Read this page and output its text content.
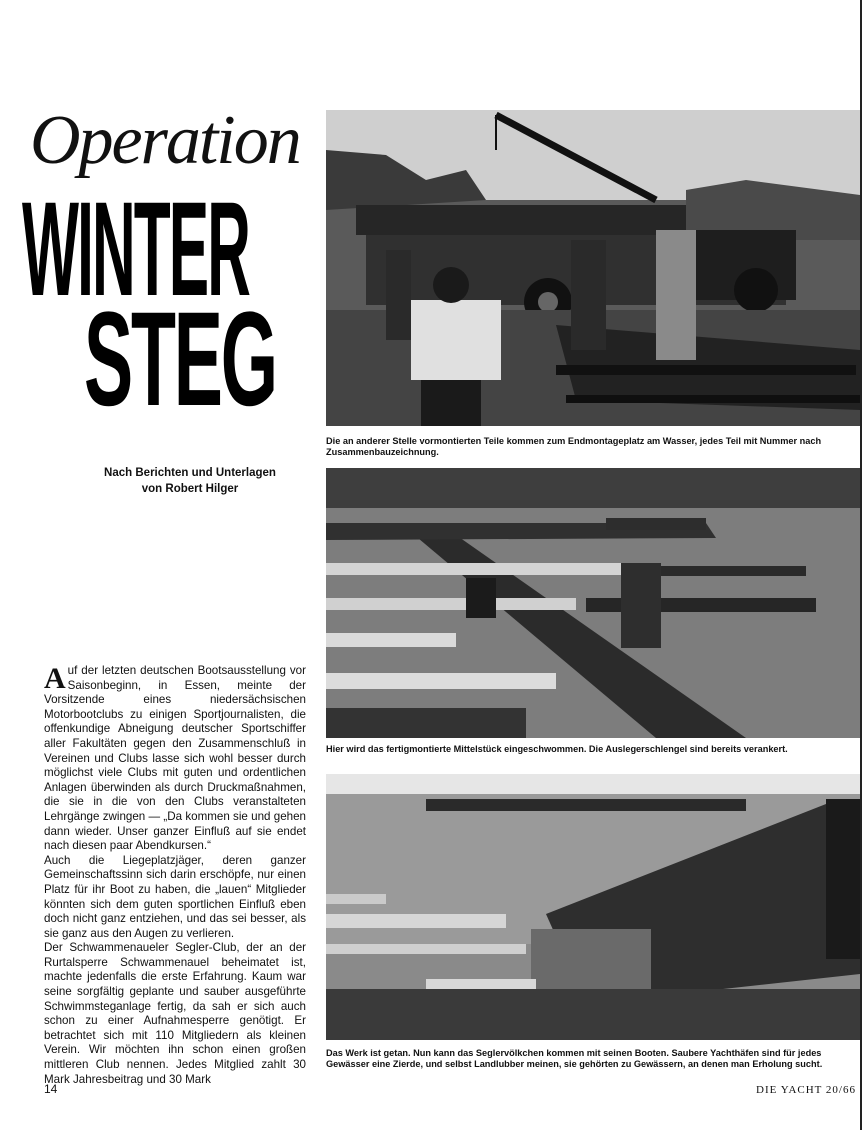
Operation
WINTER
STEG
Nach Berichten und Unterlagen
von Robert Hilger

Auf der letzten deutschen Bootsausstellung vor Saisonbeginn, in Essen, meinte der Vorsitzende eines niedersächsischen Motorbootclubs zu einigen Sportjournalisten, die offenkundige Abneigung deutscher Sportschiffer aller Fakultäten gegen den Zusammenschluß in Vereinen und Clubs lasse sich wohl besser durch möglichst viele Clubs mit guten und ordentlichen Anlagen überwinden als durch Druckmaßnahmen, die sie in die von den Clubs veranstalteten Lehrgänge zwingen — „Da kommen sie und gehen dann wieder. Unser ganzer Einfluß auf sie endet nach diesen paar Abendkursen.“

Auch die Liegeplatzjäger, deren ganzer Gemeinschaftssinn sich darin erschöpfe, nur einen Platz für ihr Boot zu haben, die „lauen“ Mitglieder könnten sich dem guten sportlichen Einfluß eben doch nicht ganz entziehen, und das sei besser, als sie ganz aus den Augen zu verlieren.

Der Schwammenaueler Segler-Club, der an der Rurtalsperre Schwammenauel beheimatet ist, machte jedenfalls die erste Erfahrung. Kaum war seine sorgfältig geplante und sauber ausgeführte Schwimmsteganlage fertig, da sah er sich auch schon zu einer Aufnahmesperre genötigt. Er betrachtet sich mit 110 Mitgliedern als kleinen Verein. Wir möchten ihn schon einen großen mittleren Club nennen. Jedes Mitglied zahlt 30 Mark Jahresbeitrag und 30 Mark

Die an anderer Stelle vormontierten Teile kommen zum Endmontageplatz am Wasser, jedes Teil mit Nummer nach Zusammenbauzeichnung.
Hier wird das fertigmontierte Mittelstück eingeschwommen. Die Auslegerschlengel sind bereits verankert.
Das Werk ist getan. Nun kann das Seglervölkchen kommen mit seinen Booten. Saubere Yachthäfen sind für jedes Gewässer eine Zierde, und selbst Landlubber meinen, sie gehörten zu Gewässern, an denen man Erholung sucht.
14	DIE YACHT 20/66
